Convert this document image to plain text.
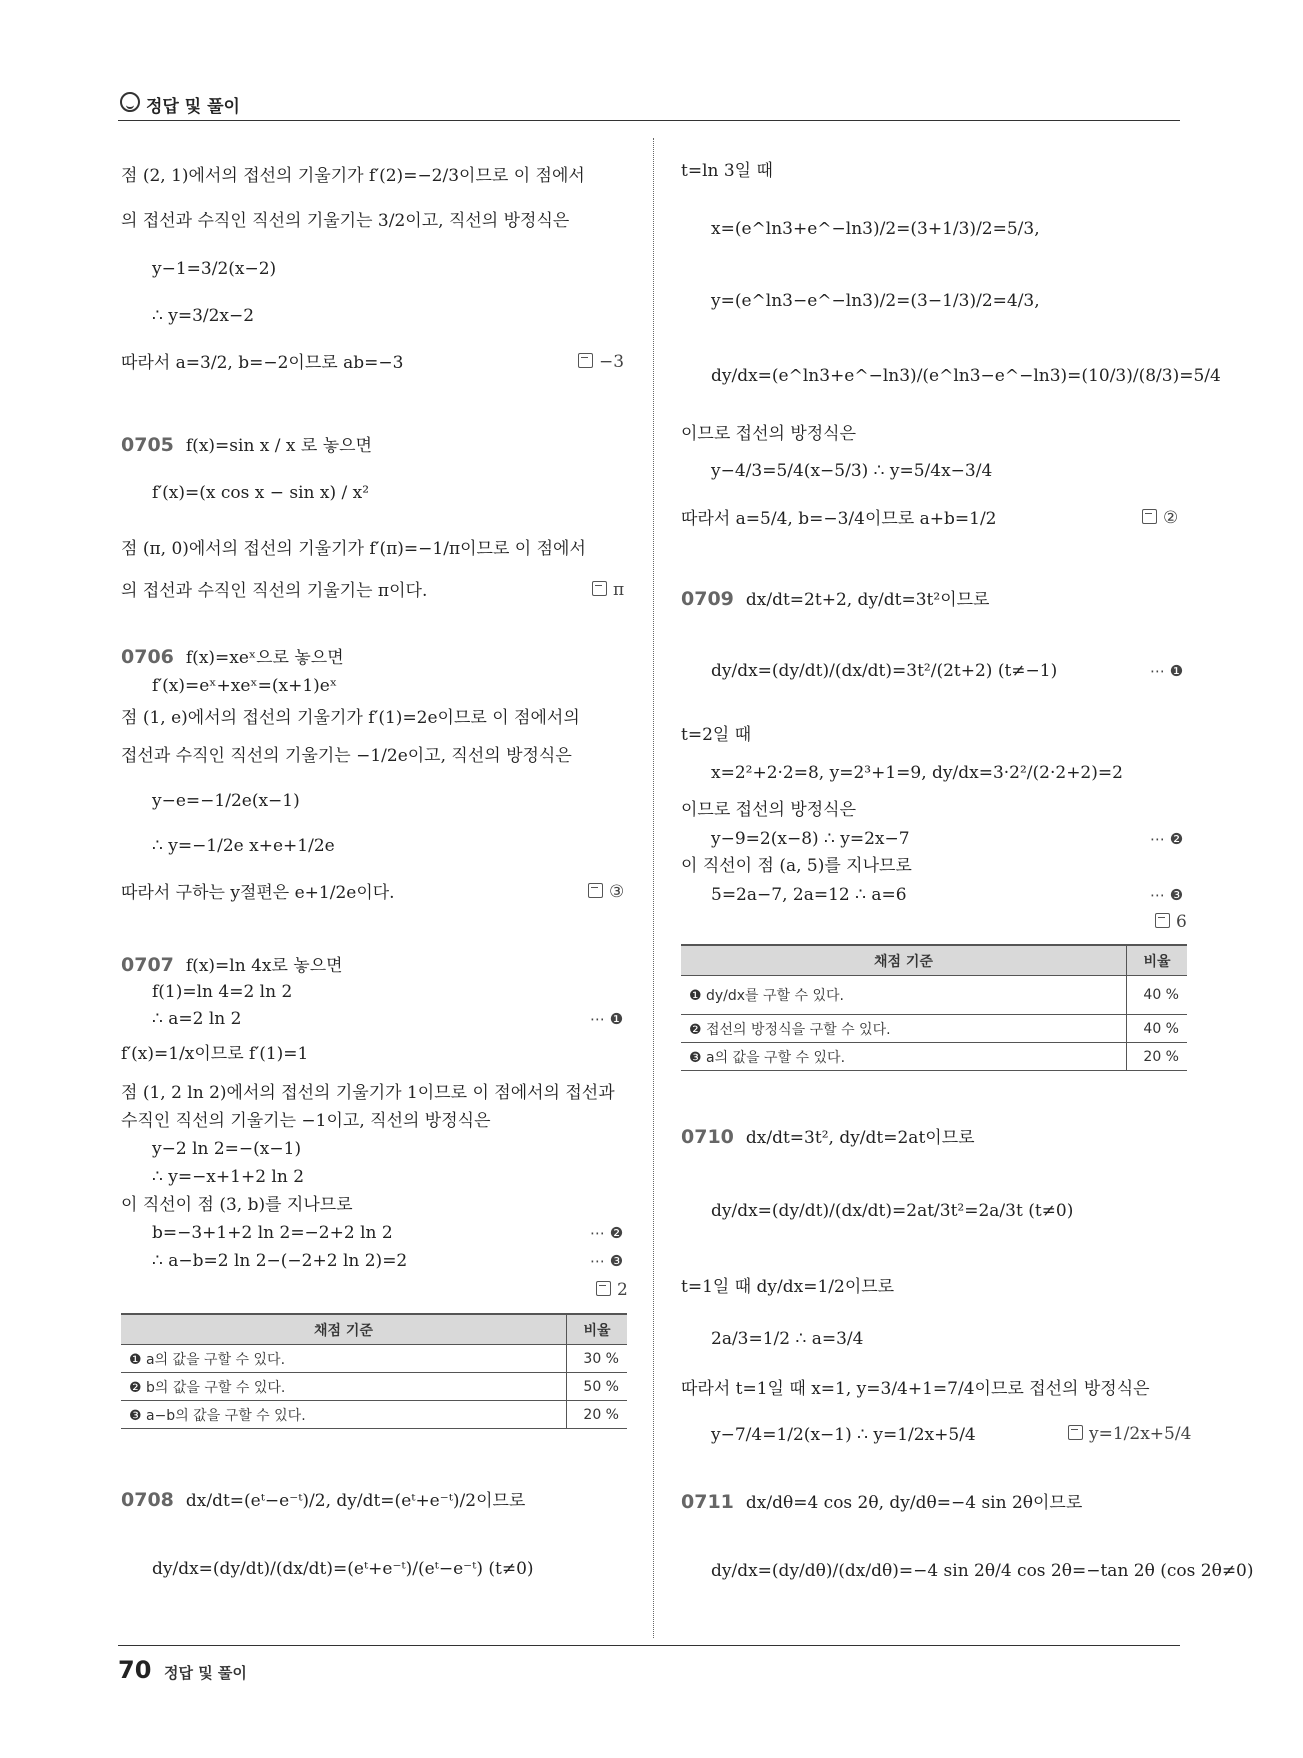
정답 및 풀이
점 (2, 1)에서의 접선의 기울기가 f′(2)=−2/3이므로 이 점에서
의 접선과 수직인 직선의 기울기는 3/2이고, 직선의 방정식은
y−1=3/2(x−2)
∴ y=3/2x−2
따라서 a=3/2, b=−2이므로 ab=−3	−3
0705 f(x)=sin x / x 로 놓으면
f′(x)=(x cos x − sin x) / x²
점 (π, 0)에서의 접선의 기울기가 f′(π)=−1/π이므로 이 점에서
의 접선과 수직인 직선의 기울기는 π이다.	π
0706 f(x)=xeˣ으로 놓으면
f′(x)=eˣ+xeˣ=(x+1)eˣ
점 (1, e)에서의 접선의 기울기가 f′(1)=2e이므로 이 점에서의
접선과 수직인 직선의 기울기는 −1/2e이고, 직선의 방정식은
y−e=−1/2e(x−1)
∴ y=−1/2e x+e+1/2e
따라서 구하는 y절편은 e+1/2e이다.	③
0707 f(x)=ln 4x로 놓으면
f(1)=ln 4=2 ln 2
∴ a=2 ln 2	⋯ ❶
f′(x)=1/x이므로 f′(1)=1
점 (1, 2 ln 2)에서의 접선의 기울기가 1이므로 이 점에서의 접선과
수직인 직선의 기울기는 −1이고, 직선의 방정식은
y−2 ln 2=−(x−1)
∴ y=−x+1+2 ln 2
이 직선이 점 (3, b)를 지나므로
b=−3+1+2 ln 2=−2+2 ln 2	⋯ ❷
∴ a−b=2 ln 2−(−2+2 ln 2)=2	⋯ ❸
2
채점 기준	비율
❶ a의 값을 구할 수 있다.	30 %
❷ b의 값을 구할 수 있다.	50 %
❸ a−b의 값을 구할 수 있다.	20 %
0708 dx/dt=(eᵗ−e⁻ᵗ)/2, dy/dt=(eᵗ+e⁻ᵗ)/2이므로
dy/dx=(dy/dt)/(dx/dt)=(eᵗ+e⁻ᵗ)/(eᵗ−e⁻ᵗ) (t≠0)
t=ln 3일 때
x=(e^ln3+e^−ln3)/2=(3+1/3)/2=5/3,
y=(e^ln3−e^−ln3)/2=(3−1/3)/2=4/3,
dy/dx=(e^ln3+e^−ln3)/(e^ln3−e^−ln3)=(10/3)/(8/3)=5/4
이므로 접선의 방정식은
y−4/3=5/4(x−5/3) ∴ y=5/4x−3/4
따라서 a=5/4, b=−3/4이므로 a+b=1/2	②
0709 dx/dt=2t+2, dy/dt=3t²이므로
dy/dx=(dy/dt)/(dx/dt)=3t²/(2t+2) (t≠−1)	⋯ ❶
t=2일 때
x=2²+2·2=8, y=2³+1=9, dy/dx=3·2²/(2·2+2)=2
이므로 접선의 방정식은
y−9=2(x−8) ∴ y=2x−7	⋯ ❷
이 직선이 점 (a, 5)를 지나므로
5=2a−7, 2a=12 ∴ a=6	⋯ ❸
6
채점 기준	비율
❶ dy/dx를 구할 수 있다.	40 %
❷ 접선의 방정식을 구할 수 있다.	40 %
❸ a의 값을 구할 수 있다.	20 %
0710 dx/dt=3t², dy/dt=2at이므로
dy/dx=(dy/dt)/(dx/dt)=2at/3t²=2a/3t (t≠0)
t=1일 때 dy/dx=1/2이므로
2a/3=1/2 ∴ a=3/4
따라서 t=1일 때 x=1, y=3/4+1=7/4이므로 접선의 방정식은
y−7/4=1/2(x−1) ∴ y=1/2x+5/4	y=1/2x+5/4
0711 dx/dθ=4 cos 2θ, dy/dθ=−4 sin 2θ이므로
dy/dx=(dy/dθ)/(dx/dθ)=−4 sin 2θ/4 cos 2θ=−tan 2θ (cos 2θ≠0)
70 정답 및 풀이
